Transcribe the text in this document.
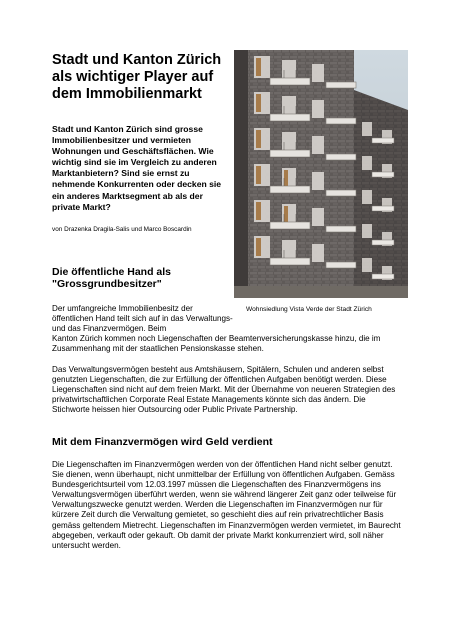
Stadt und Kanton Zürich als wichtiger Player auf dem Immobilienmarkt
Stadt und Kanton Zürich sind grosse Immobilienbesitzer und vermieten Wohnungen und Geschäftsflächen. Wie wichtig sind sie im Vergleich zu anderen Marktanbietern? Sind sie ernst zu nehmende Konkurrenten oder decken sie ein anderes Marktsegment ab als der private Markt?
von Drazenka Dragila-Salis und Marco Boscardin
Wohnsiedlung Vista Verde der Stadt Zürich
Die öffentliche Hand als "Grossgrundbesitzer"
Der umfangreiche Immobilienbesitz der öffentlichen Hand teilt sich auf in das Verwaltungs- und das Finanzvermögen. Beim
Kanton Zürich kommen noch Liegenschaften der Beamtenversicherungskasse hinzu, die im Zusammenhang mit der staatlichen Pensionskasse stehen.
Das Verwaltungsvermögen besteht aus Amtshäusern, Spitälern, Schulen und anderen selbst genutzten Liegenschaften, die zur Erfüllung der öffentlichen Aufgaben benötigt werden. Diese Liegenschaften sind nicht auf dem freien Markt. Mit der Übernahme von neueren Strategien des privatwirtschaftlichen Corporate Real Estate Managements könnte sich das ändern. Die Stichworte heissen hier Outsourcing oder Public Private Partnership.
Mit dem Finanzvermögen wird Geld verdient
Die Liegenschaften im Finanzvermögen werden von der öffentlichen Hand nicht selber genutzt. Sie dienen, wenn überhaupt, nicht unmittelbar der Erfüllung von öffentlichen Aufgaben. Gemäss Bundesgerichtsurteil vom 12.03.1997 müssen die Liegenschaften des Finanzvermögens ins Verwaltungsvermögen überführt werden, wenn sie während längerer Zeit ganz oder teilweise für Verwaltungszwecke genutzt werden. Werden die Liegenschaften im Finanzvermögen nur für kürzere Zeit durch die Verwaltung gemietet, so geschieht dies auf rein privatrechtlicher Basis gemäss geltendem Mietrecht. Liegenschaften im Finanzvermögen werden vermietet, im Baurecht abgegeben, verkauft oder gekauft. Ob damit der private Markt konkurrenziert wird, soll näher untersucht werden.
